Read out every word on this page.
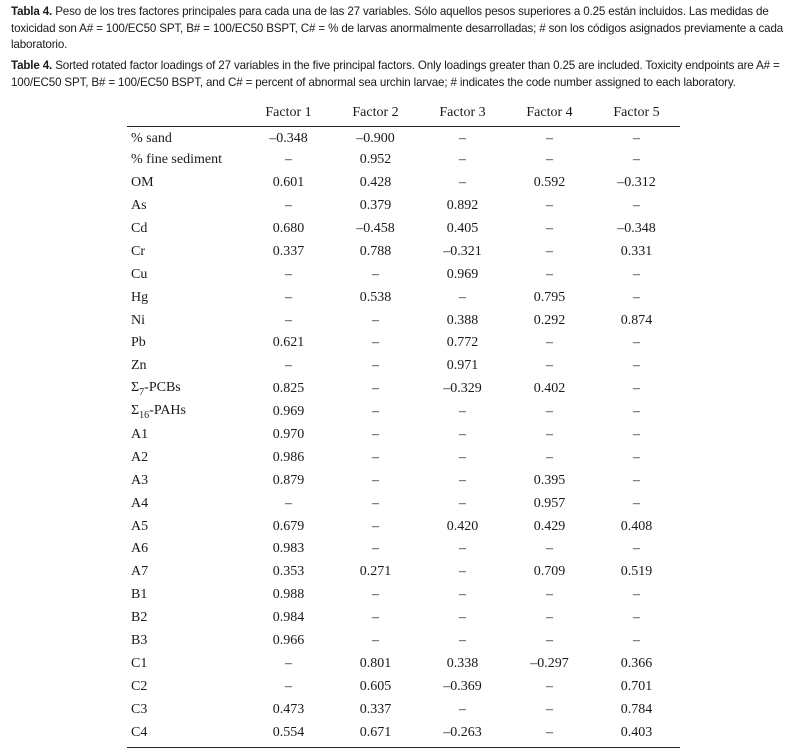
Tabla 4. Peso de los tres factores principales para cada una de las 27 variables. Sólo aquellos pesos superiores a 0.25 están incluidos. Las medidas de toxicidad son A# = 100/EC50 SPT, B# = 100/EC50 BSPT, C# = % de larvas anormalmente desarrolladas; # son los códigos asignados previamente a cada laboratorio.
Table 4. Sorted rotated factor loadings of 27 variables in the five principal factors. Only loadings greater than 0.25 are included. Toxicity endpoints are A# = 100/EC50 SPT, B# = 100/EC50 BSPT, and C# = percent of abnormal sea urchin larvae; # indicates the code number assigned to each laboratory.
	Factor 1	Factor 2	Factor 3	Factor 4	Factor 5
% sand	–0.348	–0.900	–	–	–
% fine sediment	–	0.952	–	–	–
OM	0.601	0.428	–	0.592	–0.312
As	–	0.379	0.892	–	–
Cd	0.680	–0.458	0.405	–	–0.348
Cr	0.337	0.788	–0.321	–	0.331
Cu	–	–	0.969	–	–
Hg	–	0.538	–	0.795	–
Ni	–	–	0.388	0.292	0.874
Pb	0.621	–	0.772	–	–
Zn	–	–	0.971	–	–
$\Sigma_7$-PCBs	0.825	–	–0.329	0.402	–
$\Sigma_{16}$-PAHs	0.969	–	–	–	–
A1	0.970	–	–	–	–
A2	0.986	–	–	–	–
A3	0.879	–	–	0.395	–
A4	–	–	–	0.957	–
A5	0.679	–	0.420	0.429	0.408
A6	0.983	–	–	–	–
A7	0.353	0.271	–	0.709	0.519
B1	0.988	–	–	–	–
B2	0.984	–	–	–	–
B3	0.966	–	–	–	–
C1	–	0.801	0.338	–0.297	0.366
C2	–	0.605	–0.369	–	0.701
C3	0.473	0.337	–	–	0.784
C4	0.554	0.671	–0.263	–	0.403
